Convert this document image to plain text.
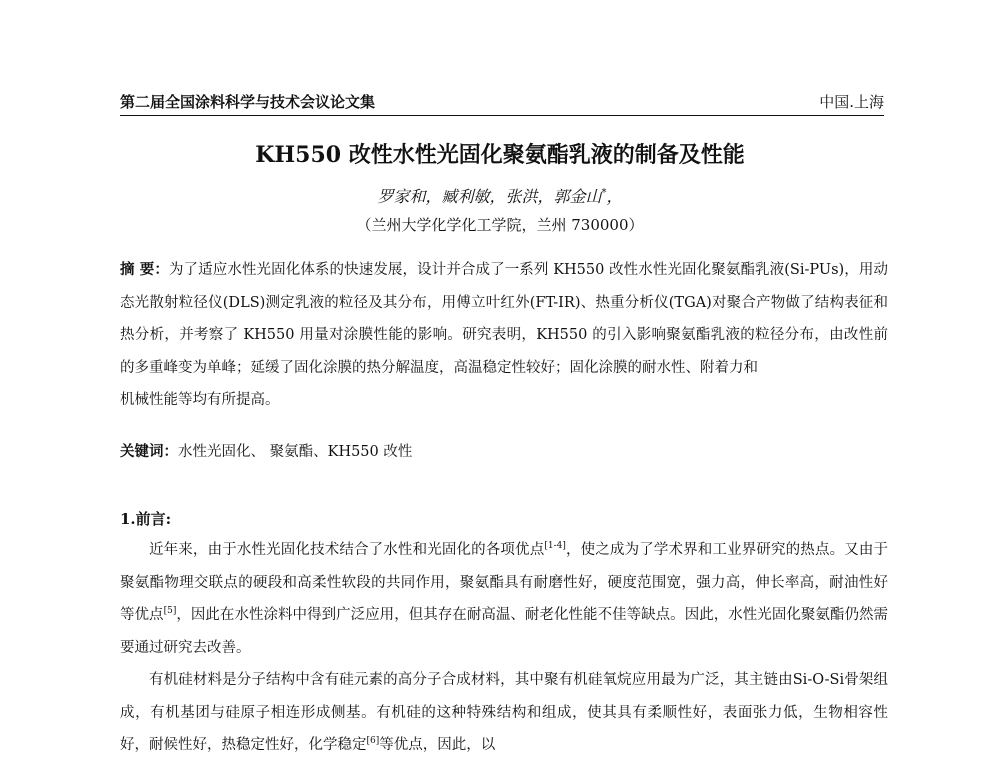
第二届全国涂料科学与技术会议论文集	中国.上海
KH550 改性水性光固化聚氨酯乳液的制备及性能
罗家和，臧利敏，张洪，郭金山*，
（兰州大学化学化工学院，兰州 730000）

摘 要：为了适应水性光固化体系的快速发展，设计并合成了一系列 KH550 改性水性光固化聚氨酯乳液(Si-PUs)，用动态光散射粒径仪(DLS)测定乳液的粒径及其分布，用傅立叶红外(FT-IR)、热重分析仪(TGA)对聚合产物做了结构表征和热分析，并考察了 KH550 用量对涂膜性能的影响。研究表明，KH550 的引入影响聚氨酯乳液的粒径分布，由改性前的多重峰变为单峰；延缓了固化涂膜的热分解温度，高温稳定性较好；固化涂膜的耐水性、附着力和

机械性能等均有所提高。

关键词：水性光固化、 聚氨酯、KH550 改性
1.前言:

近年来，由于水性光固化技术结合了水性和光固化的各项优点[1-4]，使之成为了学术界和工业界研究的热点。又由于聚氨酯物理交联点的硬段和高柔性软段的共同作用，聚氨酯具有耐磨性好，硬度范围宽，强力高，伸长率高，耐油性好等优点[5]，因此在水性涂料中得到广泛应用，但其存在耐高温、耐老化性能不佳等缺点。因此，水性光固化聚氨酯仍然需要通过研究去改善。

有机硅材料是分子结构中含有硅元素的高分子合成材料，其中聚有机硅氧烷应用最为广泛，其主链由Si-O-Si骨架组成，有机基团与硅原子相连形成侧基。有机硅的这种特殊结构和组成，使其具有柔顺性好，表面张力低，生物相容性好，耐候性好，热稳定性好，化学稳定[6]等优点，因此，以
